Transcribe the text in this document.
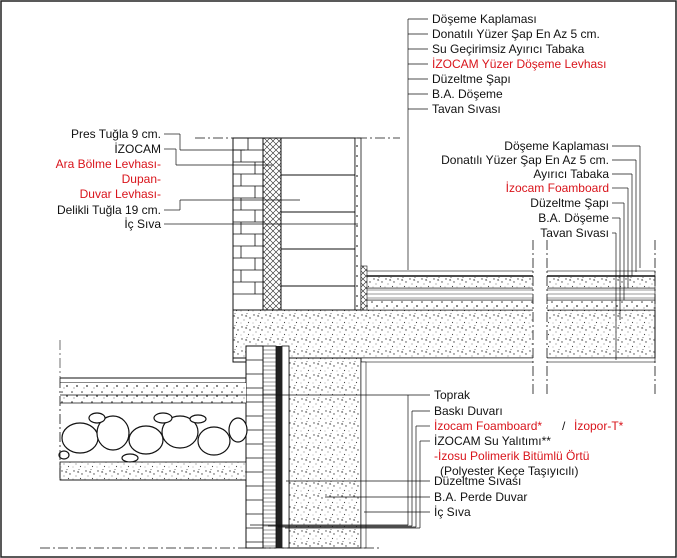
Döşeme Kaplaması
Donatılı Yüzer Şap En Az 5 cm.
Su Geçirimsiz Ayırıcı Tabaka
İZOCAM Yüzer Döşeme Levhası
Düzeltme Şapı
B.A. Döşeme
Tavan Sıvası
Döşeme Kaplaması
Donatılı Yüzer Şap En Az 5 cm.
Ayırıcı Tabaka
İzocam Foamboard
Düzeltme Şapı
B.A. Döşeme
Tavan Sıvası
Pres Tuğla 9 cm.
İZOCAM
Ara Bölme Levhası-
Dupan-
Duvar Levhası-
Delikli Tuğla 19 cm.
İç Sıva
Toprak
Baskı Duvarı
İzocam Foamboard* / İzopor-T*
İZOCAM Su Yalıtımı**
-İzosu Polimerik Bitümlü Örtü
(Polyester Keçe Taşıyıcılı)
Düzeltme Sıvası
B.A. Perde Duvar
İç Sıva
